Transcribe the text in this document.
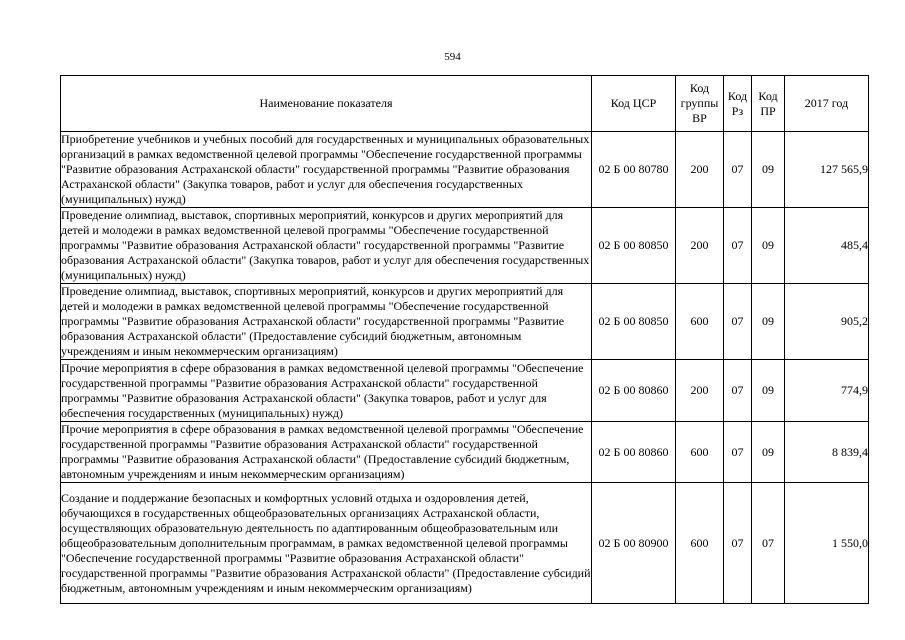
594
Наименование показателя	Код ЦСР	Код группы ВР	Код Рз	Код ПР	2017 год
Приобретение учебников и учебных пособий для государственных и муниципальных образовательных организаций в рамках ведомственной целевой программы "Обеспечение государственной программы "Развитие образования Астраханской области" государственной программы "Развитие образования Астраханской области" (Закупка товаров, работ и услуг для обеспечения государственных (муниципальных) нужд)	02 Б 00 80780	200	07	09	127 565,9
Проведение олимпиад, выставок, спортивных мероприятий, конкурсов и других мероприятий для детей и молодежи в рамках ведомственной целевой программы "Обеспечение государственной программы "Развитие образования Астраханской области" государственной программы "Развитие образования Астраханской области" (Закупка товаров, работ и услуг для обеспечения государственных (муниципальных) нужд)	02 Б 00 80850	200	07	09	485,4
Проведение олимпиад, выставок, спортивных мероприятий, конкурсов и других мероприятий для детей и молодежи в рамках ведомственной целевой программы "Обеспечение государственной программы "Развитие образования Астраханской области" государственной программы "Развитие образования Астраханской области" (Предоставление субсидий бюджетным, автономным учреждениям и иным некоммерческим организациям)	02 Б 00 80850	600	07	09	905,2
Прочие мероприятия в сфере образования в рамках ведомственной целевой программы "Обеспечение государственной программы "Развитие образования Астраханской области" государственной программы "Развитие образования Астраханской области" (Закупка товаров, работ и услуг для обеспечения государственных (муниципальных) нужд)	02 Б 00 80860	200	07	09	774,9
Прочие мероприятия в сфере образования в рамках ведомственной целевой программы "Обеспечение государственной программы "Развитие образования Астраханской области" государственной программы "Развитие образования Астраханской области" (Предоставление субсидий бюджетным, автономным учреждениям и иным некоммерческим организациям)	02 Б 00 80860	600	07	09	8 839,4
Создание и поддержание безопасных и комфортных условий отдыха и оздоровления детей, обучающихся в государственных общеобразовательных организациях Астраханской области, осуществляющих образовательную деятельность по адаптированным общеобразовательным или общеобразовательным дополнительным программам, в рамках ведомственной целевой программы "Обеспечение государственной программы "Развитие образования Астраханской области" государственной программы "Развитие образования Астраханской области" (Предоставление субсидий бюджетным, автономным учреждениям и иным некоммерческим организациям)	02 Б 00 80900	600	07	07	1 550,0
